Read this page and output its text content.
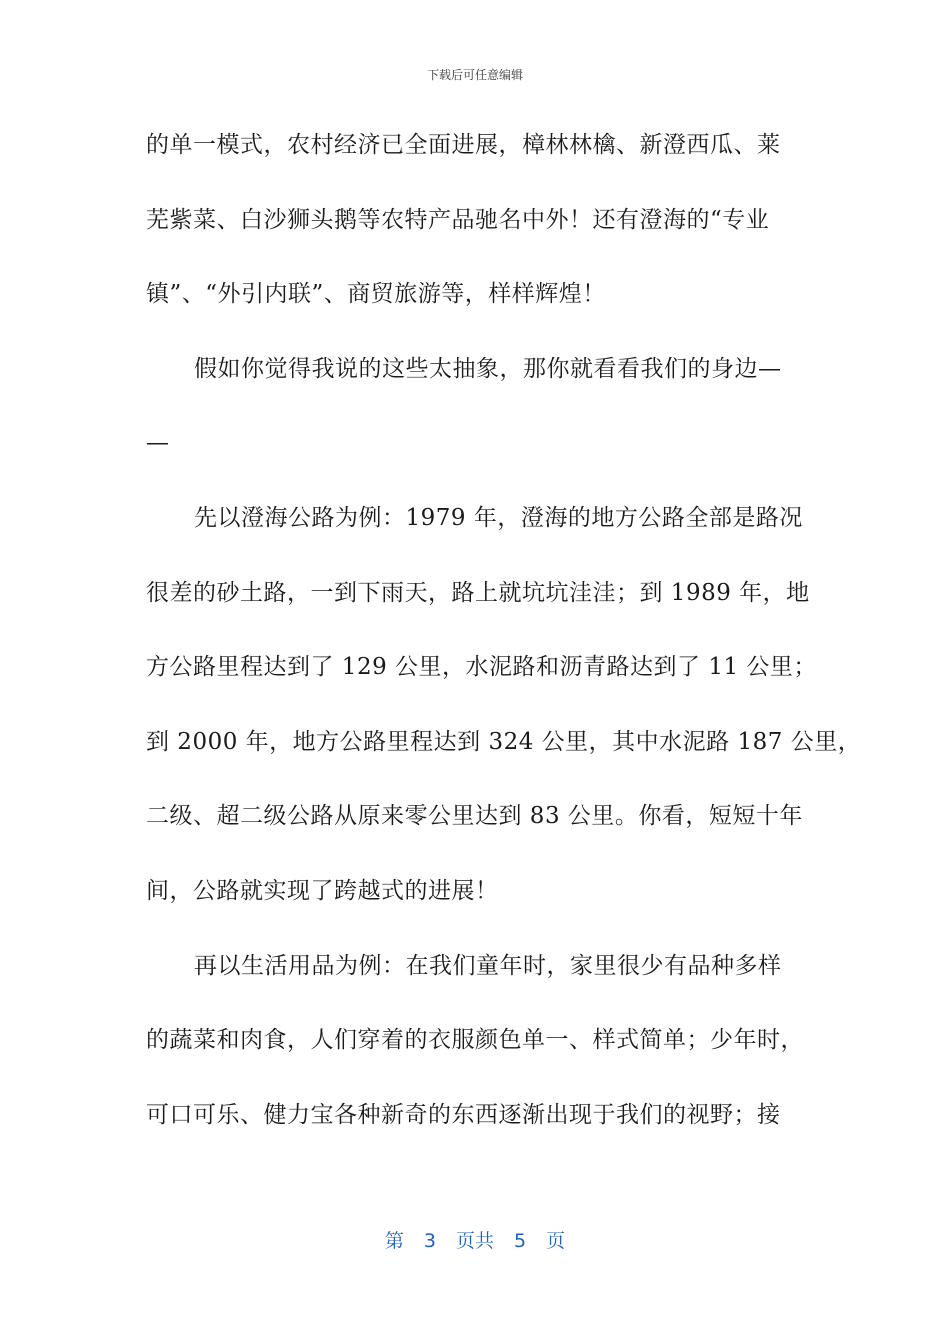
下载后可任意编辑
的单一模式，农村经济已全面进展，樟林林檎、新澄西瓜、莱
芜紫菜、白沙狮头鹅等农特产品驰名中外！还有澄海的“专业
镇”、“外引内联”、商贸旅游等，样样辉煌！
假如你觉得我说的这些太抽象，那你就看看我们的身边—
—
先以澄海公路为例：1979 年，澄海的地方公路全部是路况
很差的砂土路，一到下雨天，路上就坑坑洼洼；到 1989 年，地
方公路里程达到了 129 公里，水泥路和沥青路达到了 11 公里；
到 2000 年，地方公路里程达到 324 公里，其中水泥路 187 公里，
二级、超二级公路从原来零公里达到 83 公里。你看，短短十年
间，公路就实现了跨越式的进展！
再以生活用品为例：在我们童年时，家里很少有品种多样
的蔬菜和肉食，人们穿着的衣服颜色单一、样式简单；少年时，
可口可乐、健力宝各种新奇的东西逐渐出现于我们的视野；接
第 3 页共 5 页
